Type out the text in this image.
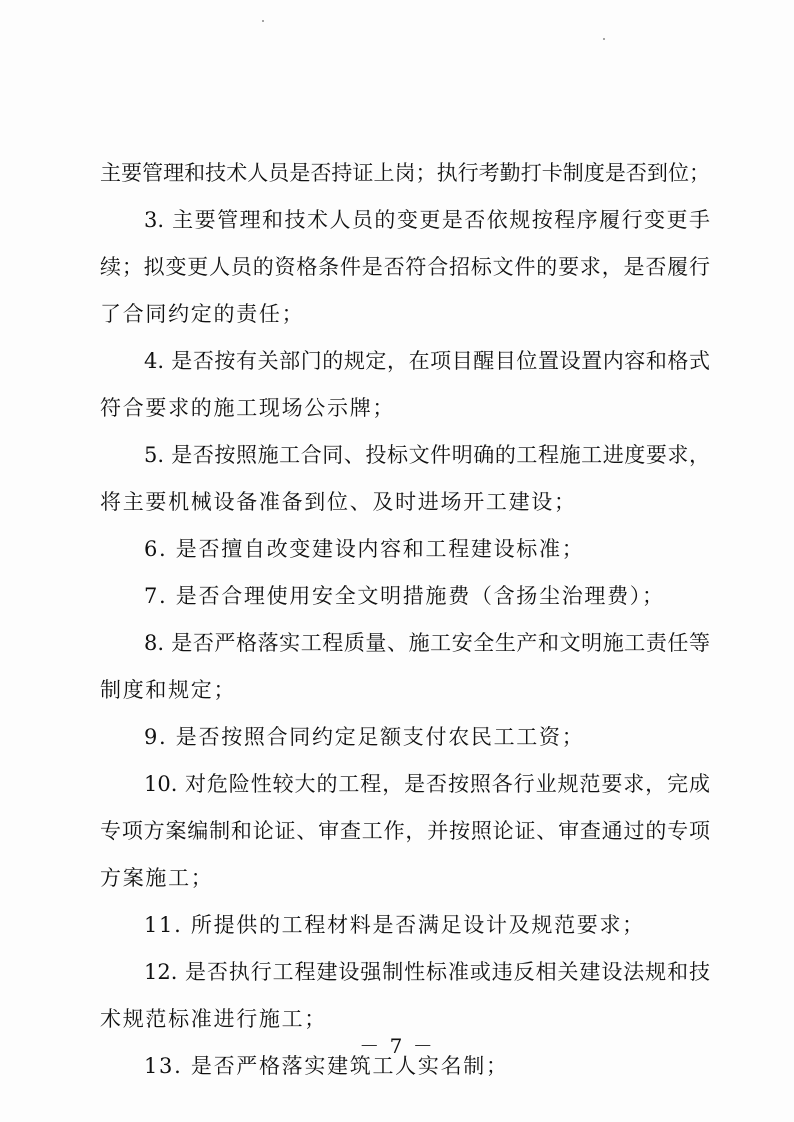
主要管理和技术人员是否持证上岗；执行考勤打卡制度是否到位；
3. 主要管理和技术人员的变更是否依规按程序履行变更手
续；拟变更人员的资格条件是否符合招标文件的要求，是否履行
了合同约定的责任；
4. 是否按有关部门的规定，在项目醒目位置设置内容和格式
符合要求的施工现场公示牌；
5. 是否按照施工合同、投标文件明确的工程施工进度要求，
将主要机械设备准备到位、及时进场开工建设；
6. 是否擅自改变建设内容和工程建设标准；
7. 是否合理使用安全文明措施费（含扬尘治理费）；
8. 是否严格落实工程质量、施工安全生产和文明施工责任等
制度和规定；
9. 是否按照合同约定足额支付农民工工资；
10. 对危险性较大的工程，是否按照各行业规范要求，完成
专项方案编制和论证、审查工作，并按照论证、审查通过的专项
方案施工；
11. 所提供的工程材料是否满足设计及规范要求；
12. 是否执行工程建设强制性标准或违反相关建设法规和技
术规范标准进行施工；
13. 是否严格落实建筑工人实名制；
－ 7 －
